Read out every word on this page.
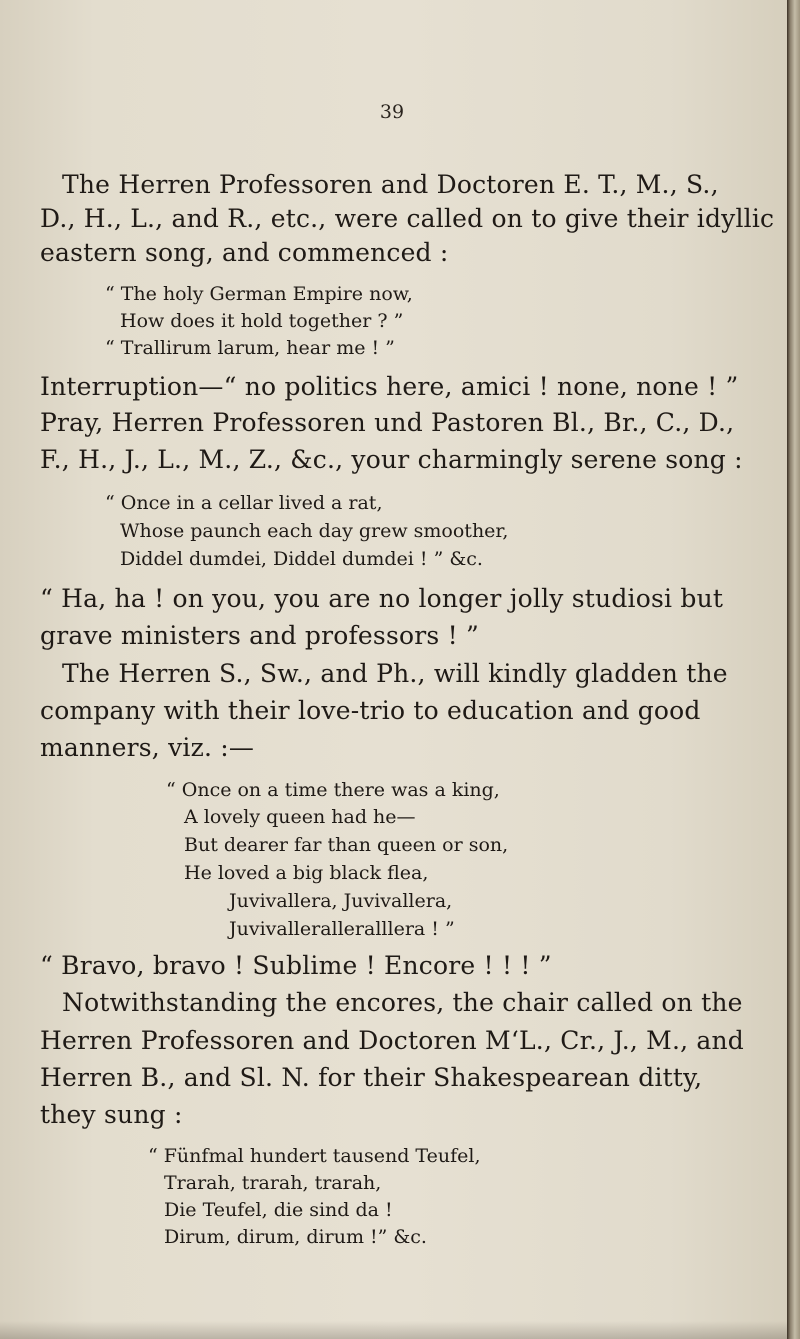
39
The Herren Professoren and Doctoren E. T., M., S.,
D., H., L., and R., etc., were called on to give their idyllic
eastern song, and commenced :
“ The holy German Empire now,
How does it hold together ? ”
“ Trallirum larum, hear me ! ”
Interruption—“ no politics here, amici ! none, none ! ”
Pray, Herren Professoren und Pastoren Bl., Br., C., D.,
F., H., J., L., M., Z., &c., your charmingly serene song :
“ Once in a cellar lived a rat,
Whose paunch each day grew smoother,
Diddel dumdei, Diddel dumdei ! ” &c.
“ Ha, ha ! on you, you are no longer jolly studiosi but
grave ministers and professors ! ”
The Herren S., Sw., and Ph., will kindly gladden the
company with their love-trio to education and good
manners, viz. :—
“ Once on a time there was a king,
A lovely queen had he—
But dearer far than queen or son,
He loved a big black flea,
Juvivallera, Juvivallera,
Juvivalleralleralllera ! ”
“ Bravo, bravo ! Sublime ! Encore ! ! ! ”
Notwithstanding the encores, the chair called on the
Herren Professoren and Doctoren M‘L., Cr., J., M., and
Herren B., and Sl. N. for their Shakespearean ditty,
they sung :
“ Fünfmal hundert tausend Teufel,
Trarah, trarah, trarah,
Die Teufel, die sind da !
Dirum, dirum, dirum !” &c.
